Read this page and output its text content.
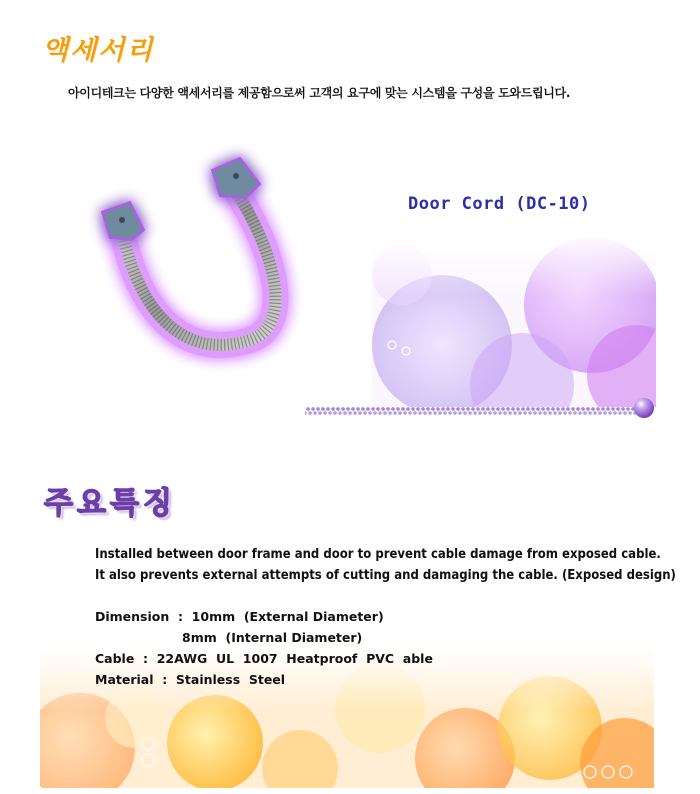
액세서리
아이디테크는 다양한 액세서리를 제공함으로써 고객의 요구에 맞는 시스템을 구성을 도와드립니다.
Door Cord (DC-10)
주요특징
Installed between door frame and door to prevent cable damage from exposed cable.
It also prevents external attempts of cutting and damaging the cable. (Exposed design)
Dimension  :  10mm  (External Diameter)
8mm  (Internal Diameter)
Cable  :  22AWG  UL  1007  Heatproof  PVC  able
Material  :  Stainless  Steel
